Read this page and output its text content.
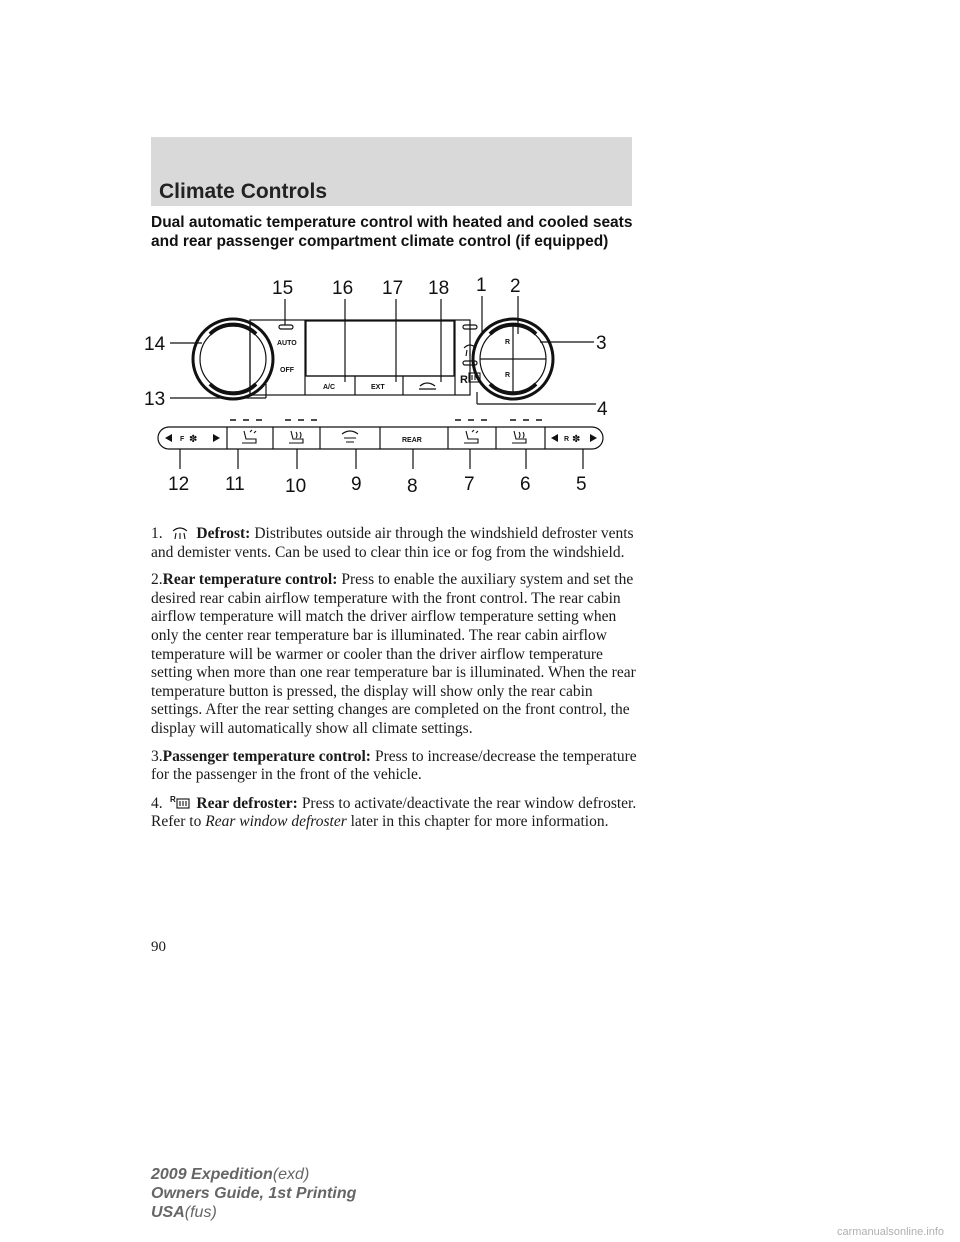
Climate Controls
Dual automatic temperature control with heated and cooled seats
and rear passenger compartment climate control (if equipped)
AUTO
OFF
A/C	EXT
REAR
R
R
R
F ✽	R ✽
15 16 17 18 1 2
3
4
14
13
12 11 10 9 8 7 6 5

1. Defrost: Distributes outside air through the windshield defroster vents and demister vents. Can be used to clear thin ice or fog from the windshield.

2.Rear temperature control: Press to enable the auxiliary system and set the desired rear cabin airflow temperature with the front control. The rear cabin airflow temperature will match the driver airflow temperature setting when only the center rear temperature bar is illuminated. The rear cabin airflow temperature will be warmer or cooler than the driver airflow temperature setting when more than one rear temperature bar is illuminated. When the rear temperature button is pressed, the display will show only the rear cabin settings. After the rear setting changes are completed on the front control, the display will automatically show all climate settings.

3.Passenger temperature control: Press to increase/decrease the temperature for the passenger in the front of the vehicle.

4. R Rear defroster: Press to activate/deactivate the rear window defroster. Refer to Rear window defroster later in this chapter for more information.

90
2009 Expedition(exd)
Owners Guide, 1st Printing
USA(fus)
carmanualsonline.info
